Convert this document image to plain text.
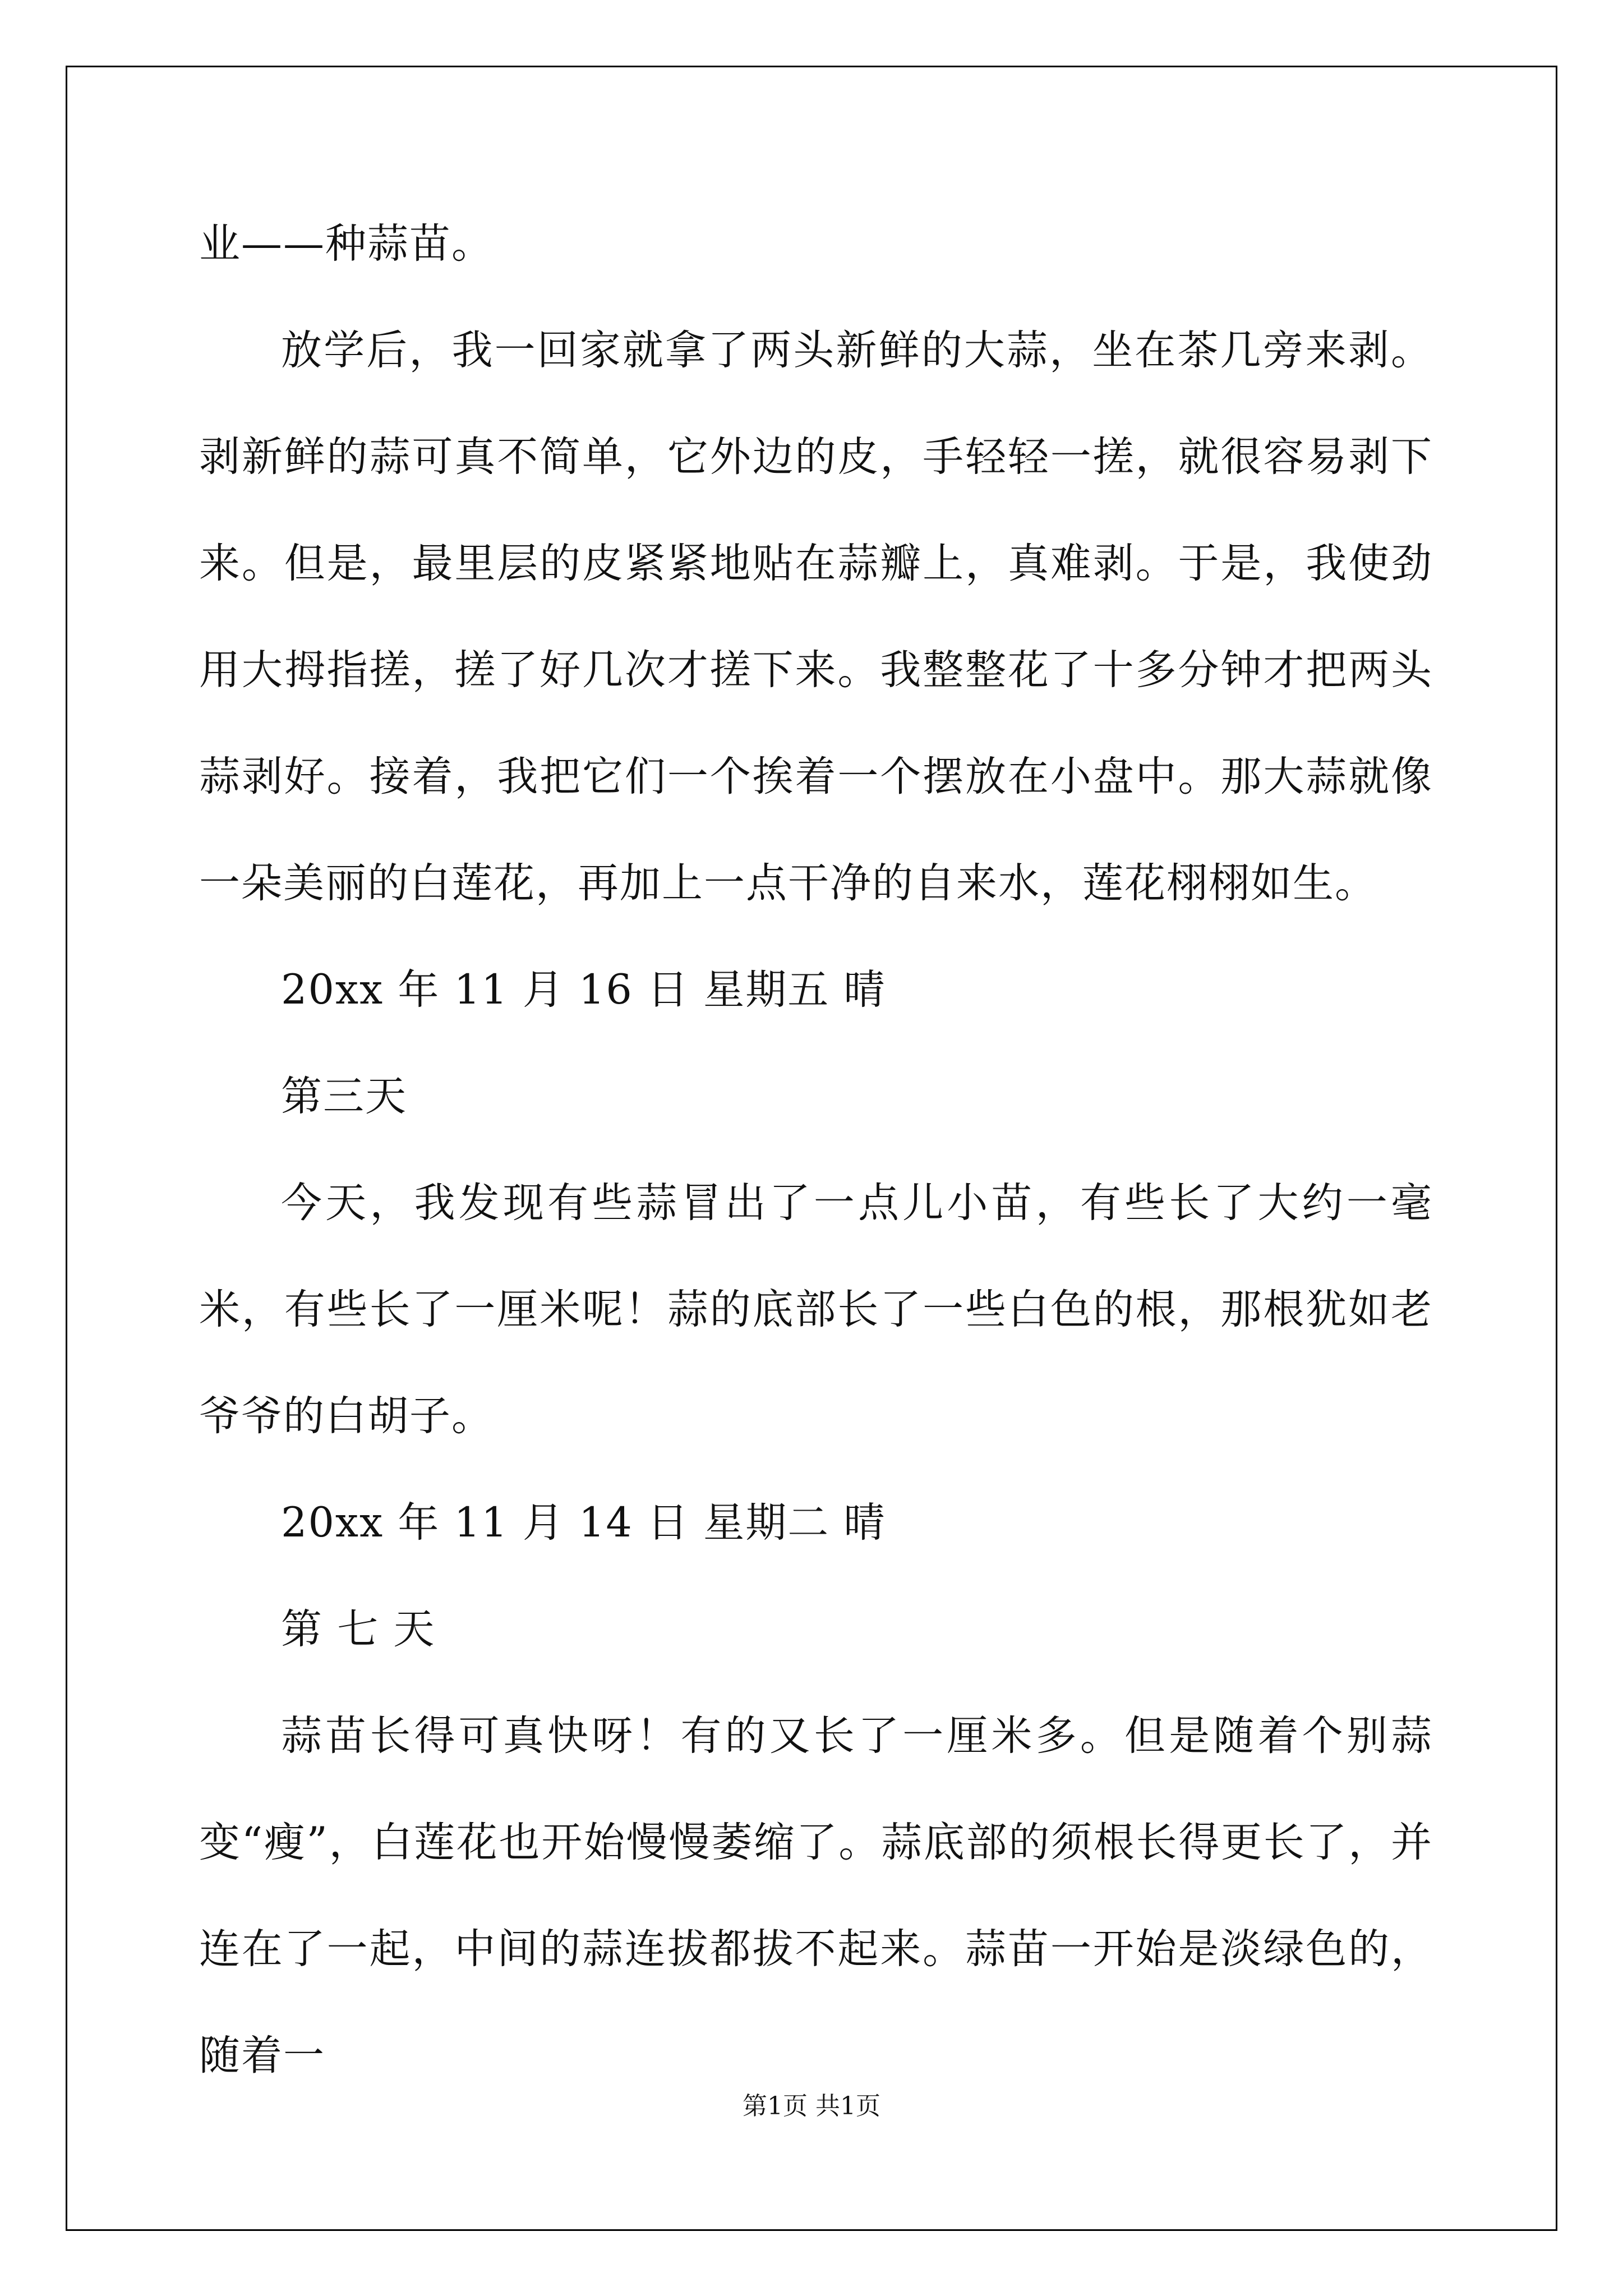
业——种蒜苗。

放学后，我一回家就拿了两头新鲜的大蒜，坐在茶几旁来剥。剥新鲜的蒜可真不简单，它外边的皮，手轻轻一搓，就很容易剥下来。但是，最里层的皮紧紧地贴在蒜瓣上，真难剥。于是，我使劲用大拇指搓，搓了好几次才搓下来。我整整花了十多分钟才把两头蒜剥好。接着，我把它们一个挨着一个摆放在小盘中。那大蒜就像一朵美丽的白莲花，再加上一点干净的自来水，莲花栩栩如生。

20xx 年 11 月 16 日 星期五 晴

第三天

今天，我发现有些蒜冒出了一点儿小苗，有些长了大约一毫米，有些长了一厘米呢！蒜的底部长了一些白色的根，那根犹如老爷爷的白胡子。

20xx 年 11 月 14 日 星期二 晴

第 七 天

蒜苗长得可真快呀！有的又长了一厘米多。但是随着个别蒜变“瘦”，白莲花也开始慢慢萎缩了。蒜底部的须根长得更长了，并连在了一起，中间的蒜连拔都拔不起来。蒜苗一开始是淡绿色的，随着一

第1页 共1页
